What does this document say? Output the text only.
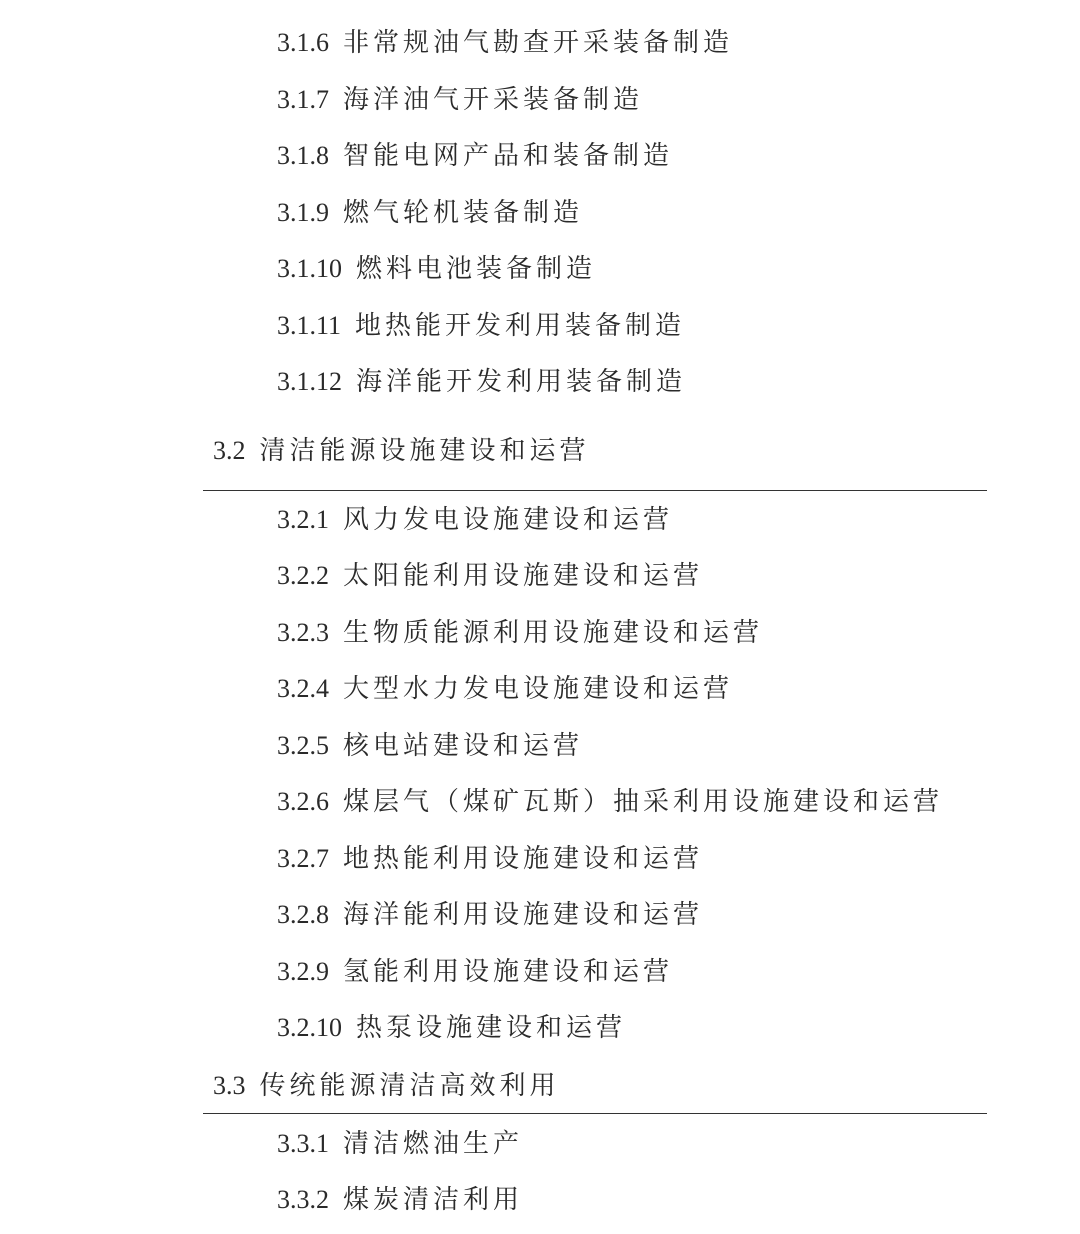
3.1.6 非常规油气勘查开采装备制造
3.1.7 海洋油气开采装备制造
3.1.8 智能电网产品和装备制造
3.1.9 燃气轮机装备制造
3.1.10 燃料电池装备制造
3.1.11 地热能开发利用装备制造
3.1.12 海洋能开发利用装备制造
3.2 清洁能源设施建设和运营
3.2.1 风力发电设施建设和运营
3.2.2 太阳能利用设施建设和运营
3.2.3 生物质能源利用设施建设和运营
3.2.4 大型水力发电设施建设和运营
3.2.5 核电站建设和运营
3.2.6 煤层气（煤矿瓦斯）抽采利用设施建设和运营
3.2.7 地热能利用设施建设和运营
3.2.8 海洋能利用设施建设和运营
3.2.9 氢能利用设施建设和运营
3.2.10 热泵设施建设和运营
3.3 传统能源清洁高效利用
3.3.1 清洁燃油生产
3.3.2 煤炭清洁利用
